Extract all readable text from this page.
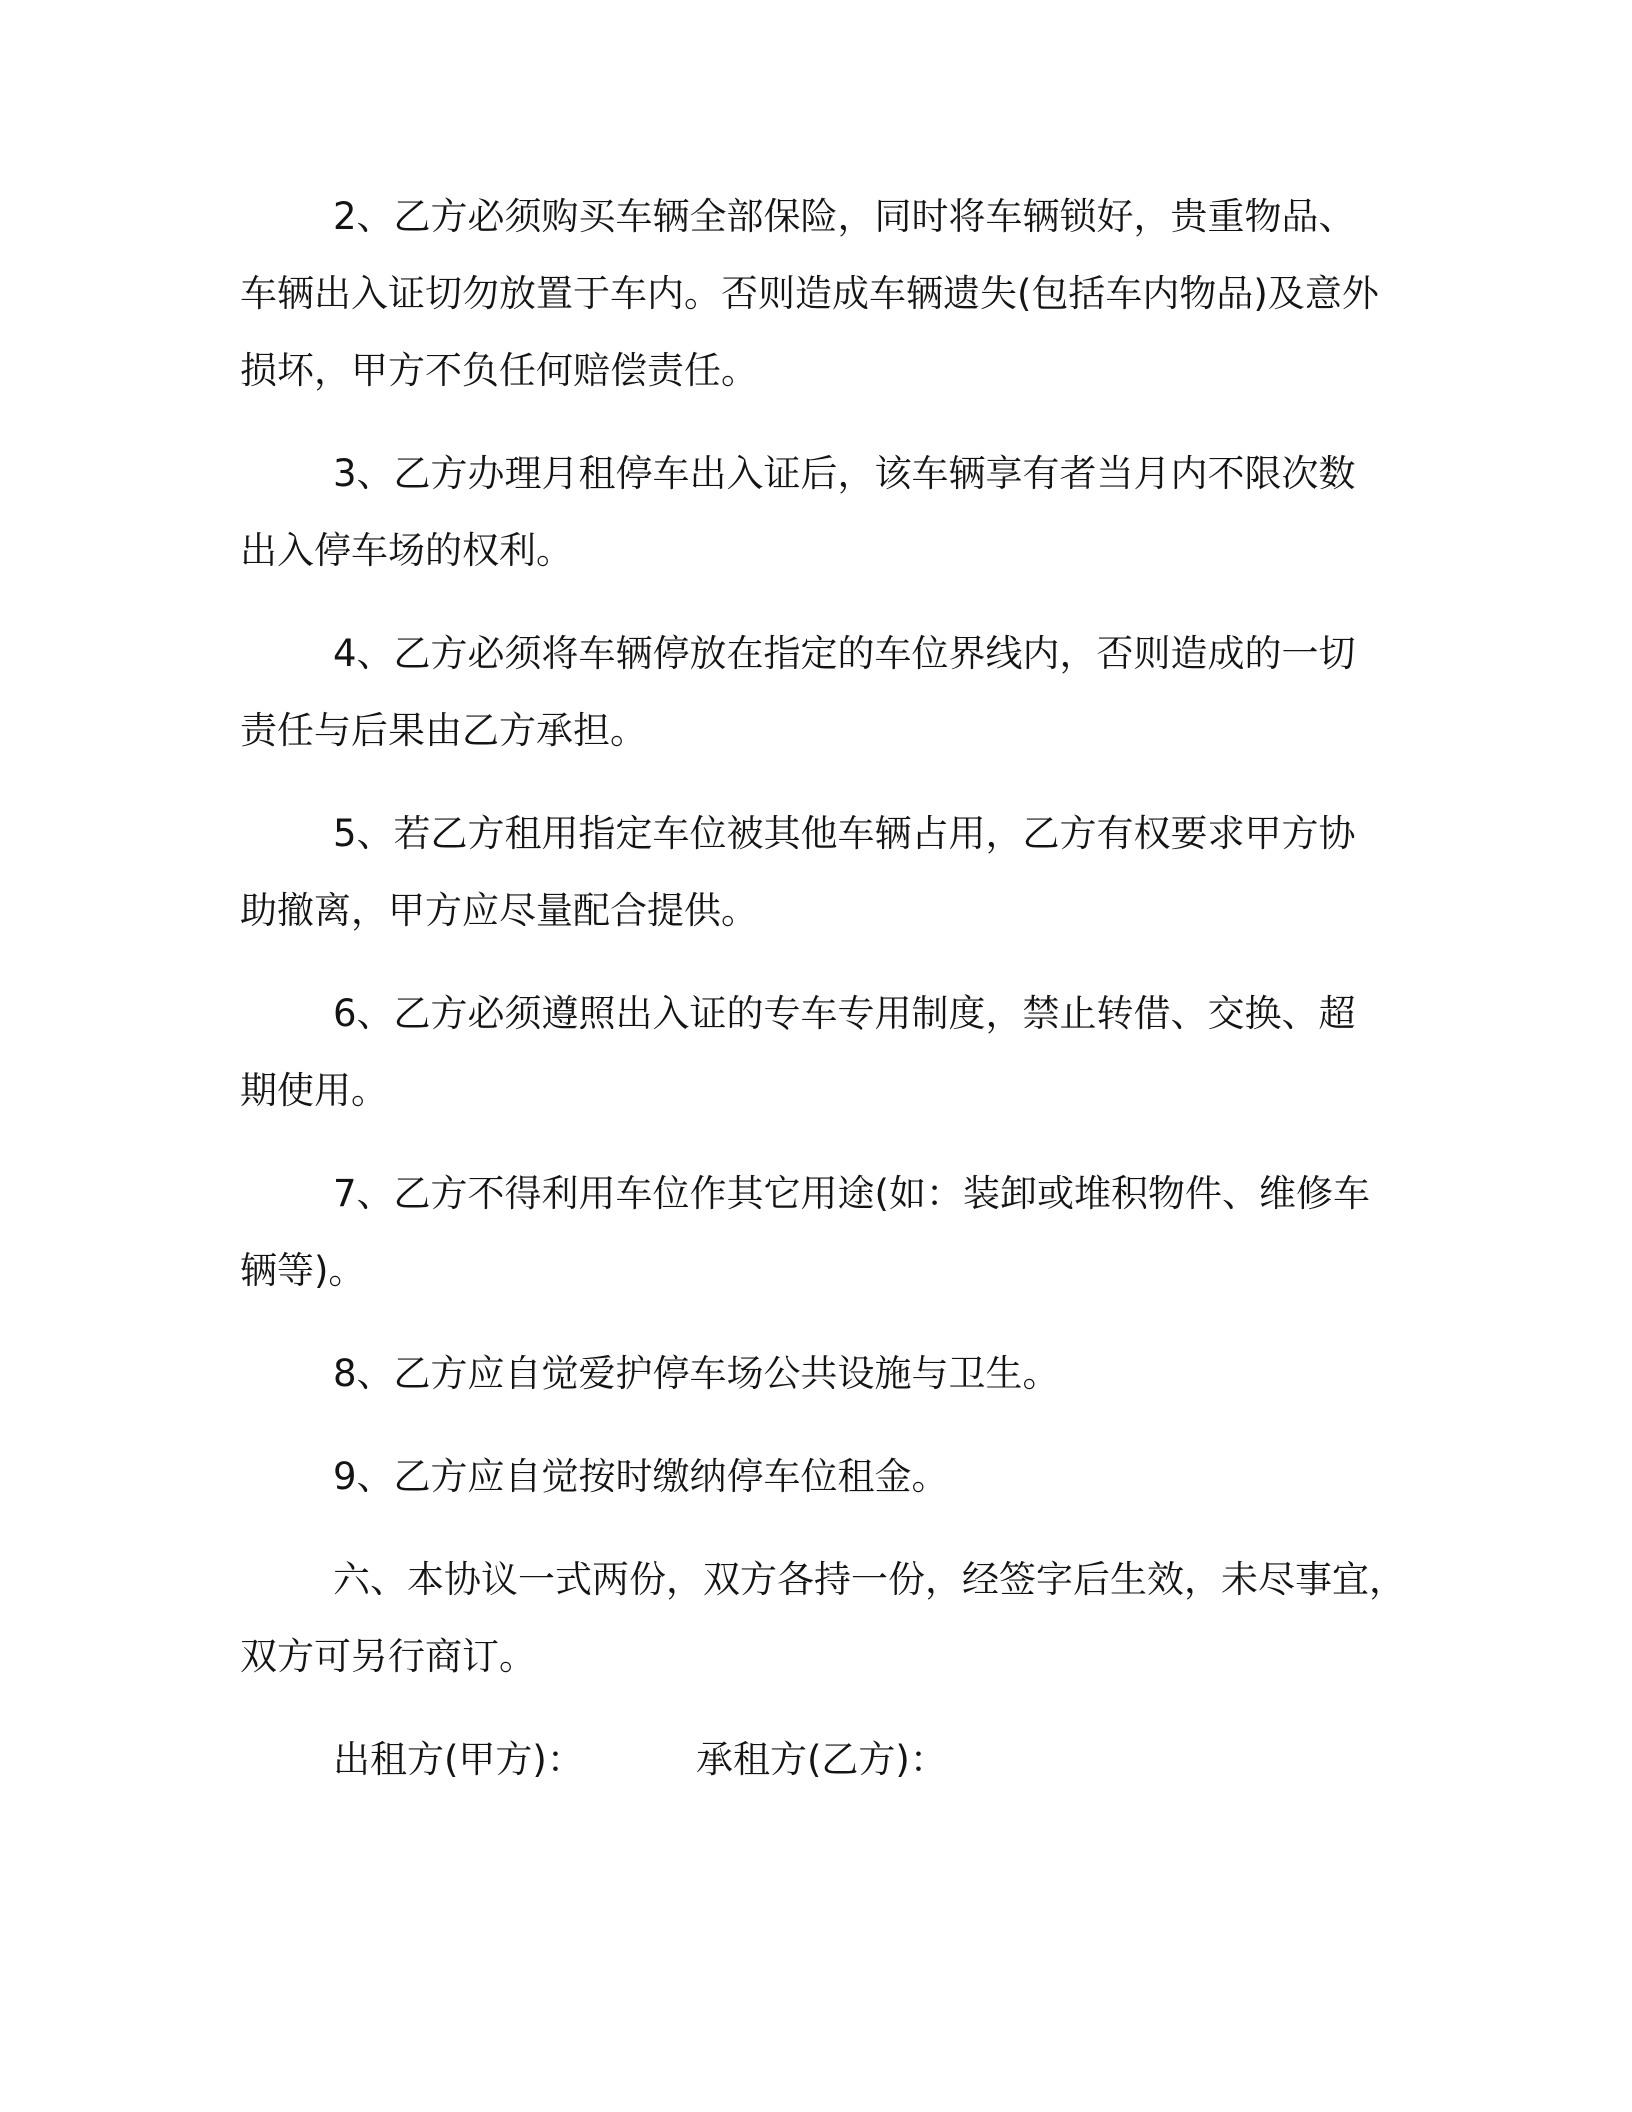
2、乙方必须购买车辆全部保险，同时将车辆锁好，贵重物品、
车辆出入证切勿放置于车内。否则造成车辆遗失(包括车内物品)及意外
损坏，甲方不负任何赔偿责任。
3、乙方办理月租停车出入证后，该车辆享有者当月内不限次数
出入停车场的权利。
4、乙方必须将车辆停放在指定的车位界线内，否则造成的一切
责任与后果由乙方承担。
5、若乙方租用指定车位被其他车辆占用，乙方有权要求甲方协
助撤离，甲方应尽量配合提供。
6、乙方必须遵照出入证的专车专用制度，禁止转借、交换、超
期使用。
7、乙方不得利用车位作其它用途(如：装卸或堆积物件、维修车
辆等)。
8、乙方应自觉爱护停车场公共设施与卫生。
9、乙方应自觉按时缴纳停车位租金。
六、本协议一式两份，双方各持一份，经签字后生效，未尽事宜，
双方可另行商订。
出租方(甲方)：	承租方(乙方)：
